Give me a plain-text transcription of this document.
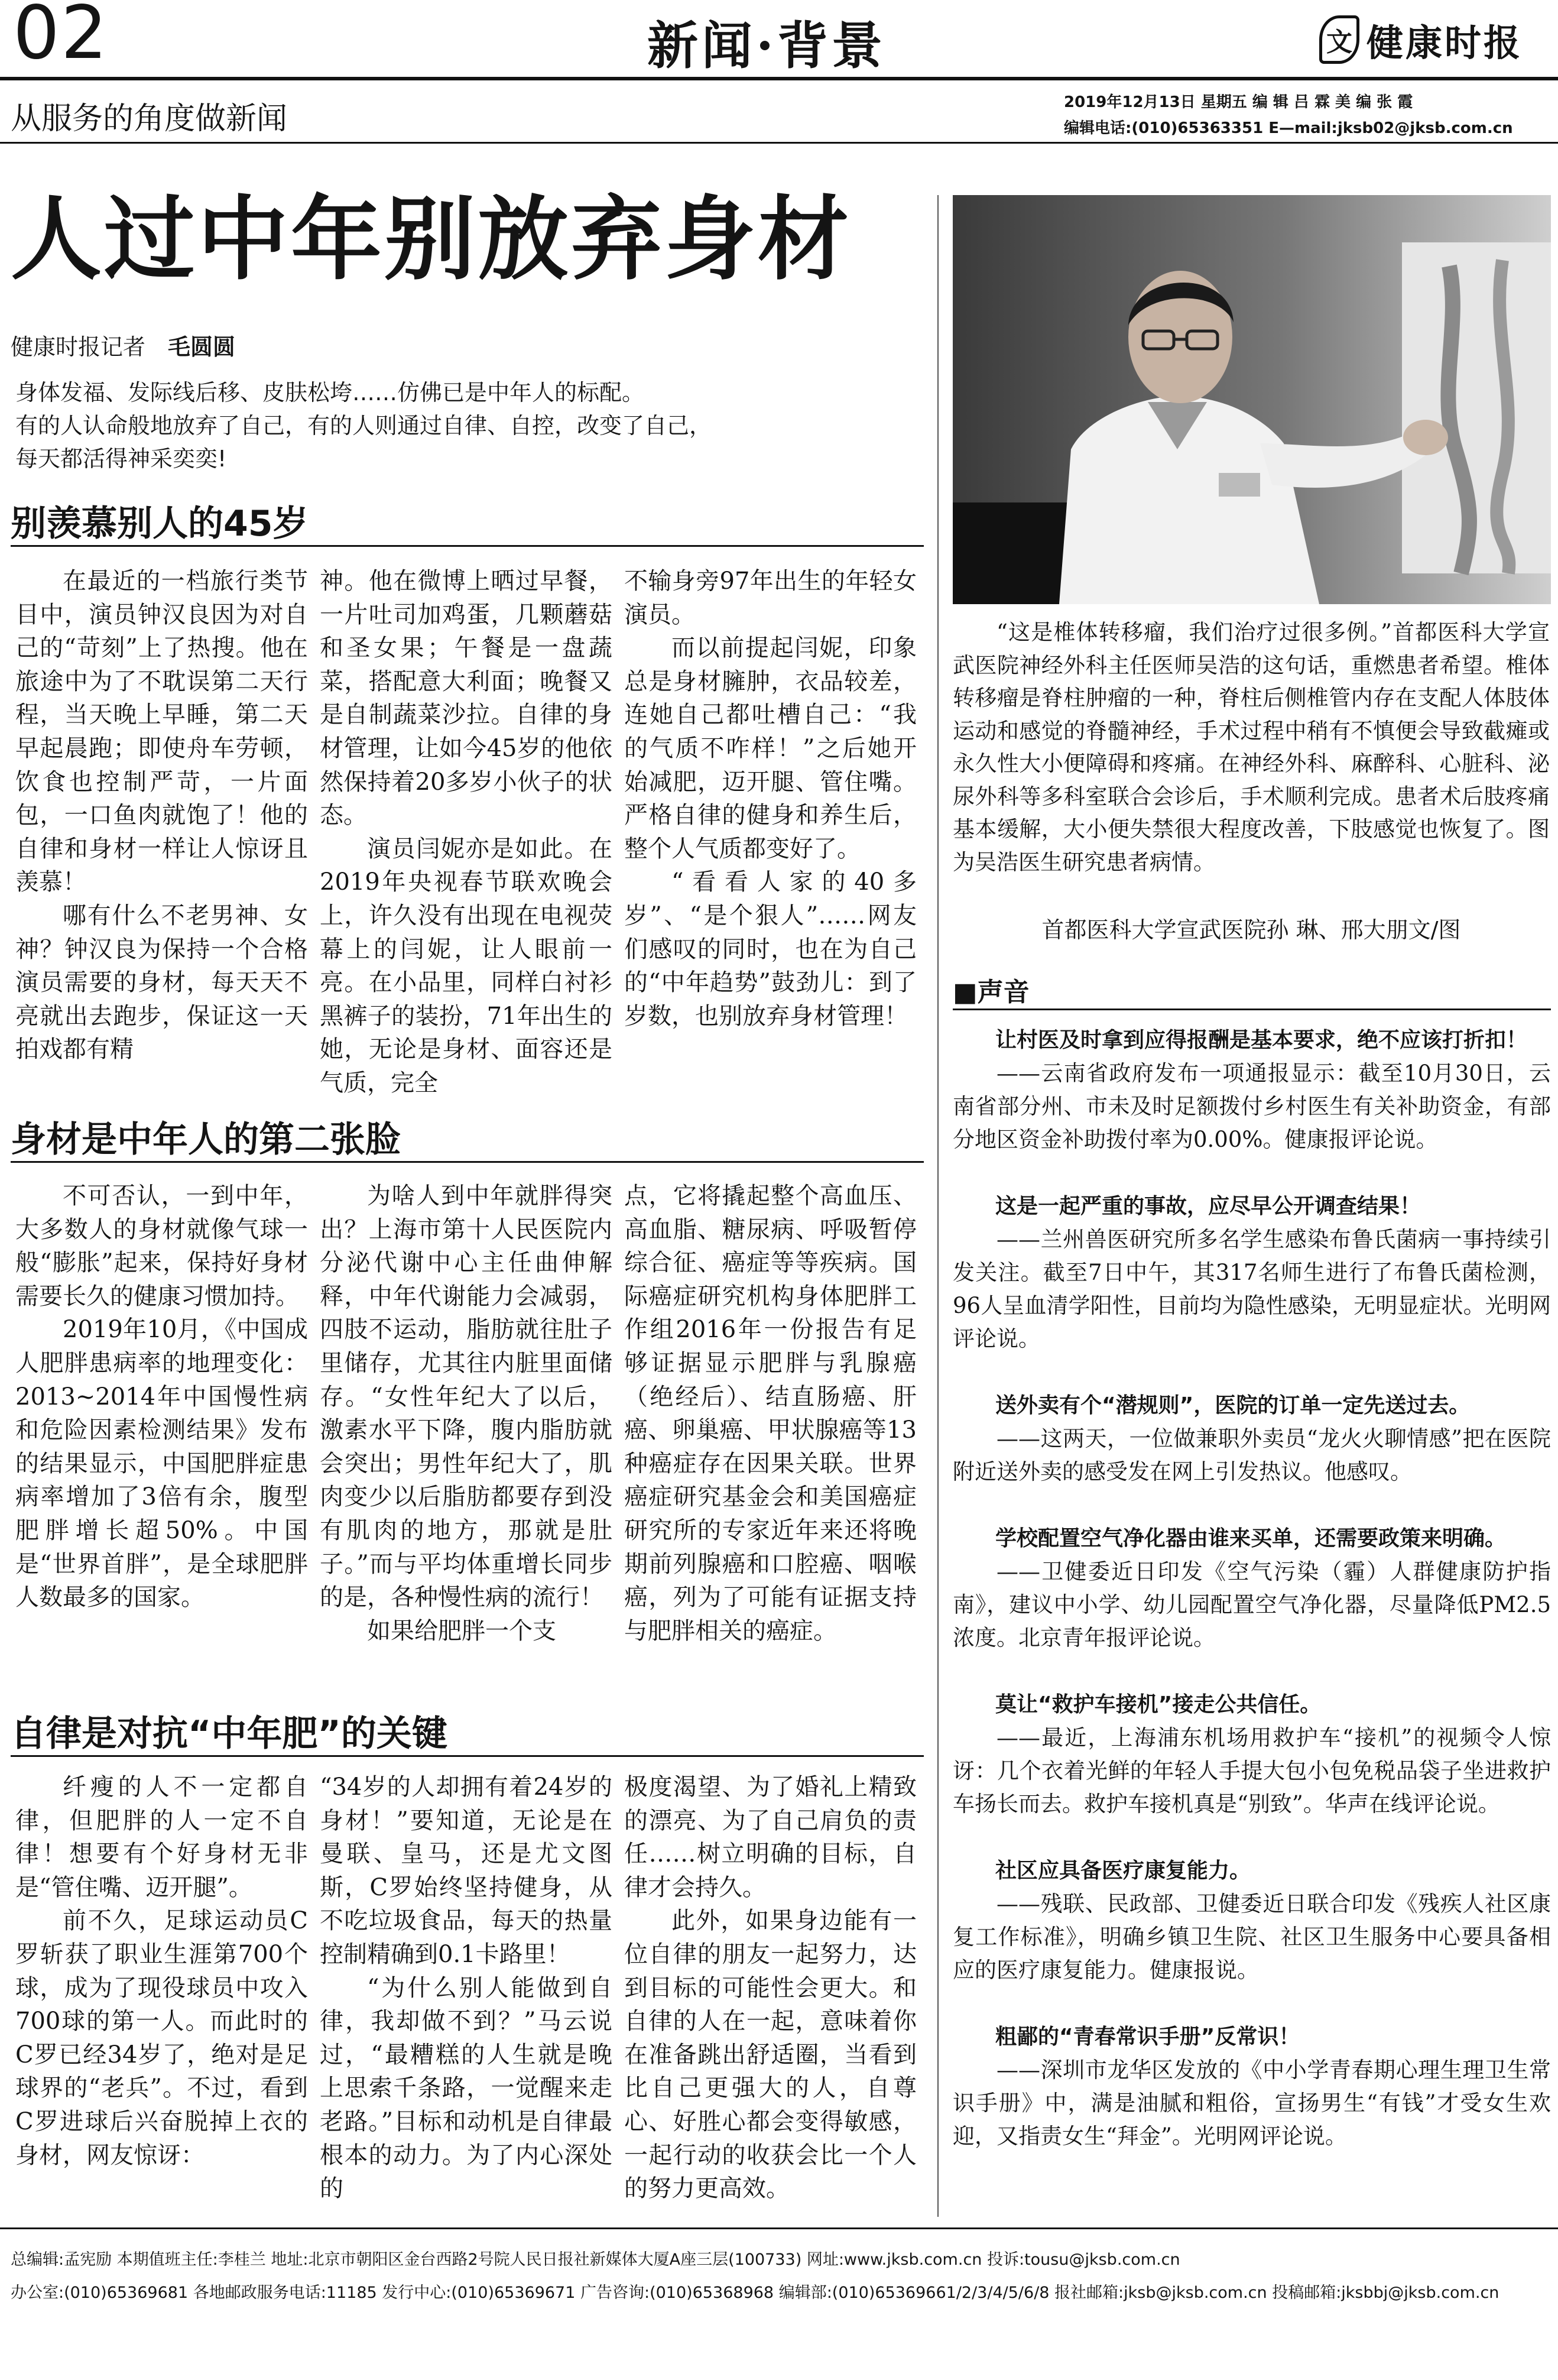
02	新闻·背景	文 健康时报
从服务的角度做新闻	2019年12月13日 星期五 编 辑 吕 霖 美 编 张 霞
编辑电话:(010)65363351 E—mail:jksb02@jksb.com.cn
人过中年别放弃身材
健康时报记者 毛圆圆

身体发福、发际线后移、皮肤松垮……仿佛已是中年人的标配。

有的人认命般地放弃了自己，有的人则通过自律、自控，改变了自己，

每天都活得神采奕奕!

别羡慕别人的45岁

在最近的一档旅行类节目中，演员钟汉良因为对自己的“苛刻”上了热搜。他在旅途中为了不耽误第二天行程，当天晚上早睡，第二天早起晨跑；即使舟车劳顿，饮食也控制严苛，一片面包，一口鱼肉就饱了！他的自律和身材一样让人惊讶且羡慕！

哪有什么不老男神、女神？钟汉良为保持一个合格演员需要的身材，每天天不亮就出去跑步，保证这一天拍戏都有精

神。他在微博上晒过早餐，一片吐司加鸡蛋，几颗蘑菇和圣女果；午餐是一盘蔬菜，搭配意大利面；晚餐又是自制蔬菜沙拉。自律的身材管理，让如今45岁的他依然保持着20多岁小伙子的状态。

演员闫妮亦是如此。在2019年央视春节联欢晚会上，许久没有出现在电视荧幕上的闫妮，让人眼前一亮。在小品里，同样白衬衫黑裤子的装扮，71年出生的她，无论是身材、面容还是气质，完全

不输身旁97年出生的年轻女演员。

而以前提起闫妮，印象总是身材臃肿，衣品较差，连她自己都吐槽自己：“我的气质不咋样！”之后她开始减肥，迈开腿、管住嘴。严格自律的健身和养生后，整个人气质都变好了。

“看看人家的40多岁”、“是个狠人”……网友们感叹的同时，也在为自己的“中年趋势”鼓劲儿：到了岁数，也别放弃身材管理！

身材是中年人的第二张脸

不可否认，一到中年，大多数人的身材就像气球一般“膨胀”起来，保持好身材需要长久的健康习惯加持。

2019年10月，《中国成人肥胖患病率的地理变化：2013~2014年中国慢性病和危险因素检测结果》发布的结果显示，中国肥胖症患病率增加了3倍有余，腹型肥胖增长超50%。中国是“世界首胖”，是全球肥胖人数最多的国家。

为啥人到中年就胖得突出？上海市第十人民医院内分泌代谢中心主任曲伸解释，中年代谢能力会减弱，四肢不运动，脂肪就往肚子里储存，尤其往内脏里面储存。“女性年纪大了以后，激素水平下降，腹内脂肪就会突出；男性年纪大了，肌肉变少以后脂肪都要存到没有肌肉的地方，那就是肚子。”而与平均体重增长同步的是，各种慢性病的流行！

如果给肥胖一个支

点，它将撬起整个高血压、高血脂、糖尿病、呼吸暂停综合征、癌症等等疾病。国际癌症研究机构身体肥胖工作组2016年一份报告有足够证据显示肥胖与乳腺癌（绝经后）、结直肠癌、肝癌、卵巢癌、甲状腺癌等13种癌症存在因果关联。世界癌症研究基金会和美国癌症研究所的专家近年来还将晚期前列腺癌和口腔癌、咽喉癌，列为了可能有证据支持与肥胖相关的癌症。

自律是对抗“中年肥”的关键

纤瘦的人不一定都自律，但肥胖的人一定不自律！想要有个好身材无非是“管住嘴、迈开腿”。

前不久，足球运动员C罗斩获了职业生涯第700个球，成为了现役球员中攻入700球的第一人。而此时的C罗已经34岁了，绝对是足球界的“老兵”。不过，看到C罗进球后兴奋脱掉上衣的身材，网友惊讶：

“34岁的人却拥有着24岁的身材！”要知道，无论是在曼联、皇马，还是尤文图斯，C罗始终坚持健身，从不吃垃圾食品，每天的热量控制精确到0.1卡路里！

“为什么别人能做到自律，我却做不到？”马云说过，“最糟糕的人生就是晚上思索千条路，一觉醒来走老路。”目标和动机是自律最根本的动力。为了内心深处的

极度渴望、为了婚礼上精致的漂亮、为了自己肩负的责任……树立明确的目标，自律才会持久。

此外，如果身边能有一位自律的朋友一起努力，达到目标的可能性会更大。和自律的人在一起，意味着你在准备跳出舒适圈，当看到比自己更强大的人，自尊心、好胜心都会变得敏感，一起行动的收获会比一个人的努力更高效。

“这是椎体转移瘤，我们治疗过很多例。”首都医科大学宣武医院神经外科主任医师吴浩的这句话，重燃患者希望。椎体转移瘤是脊柱肿瘤的一种，脊柱后侧椎管内存在支配人体肢体运动和感觉的脊髓神经，手术过程中稍有不慎便会导致截瘫或永久性大小便障碍和疼痛。在神经外科、麻醉科、心脏科、泌尿外科等多科室联合会诊后，手术顺利完成。患者术后肢疼痛基本缓解，大小便失禁很大程度改善，下肢感觉也恢复了。图为吴浩医生研究患者病情。

首都医科大学宣武医院孙 琳、邢大朋文/图
■声音

让村医及时拿到应得报酬是基本要求，绝不应该打折扣！

——云南省政府发布一项通报显示：截至10月30日，云南省部分州、市未及时足额拨付乡村医生有关补助资金，有部分地区资金补助拨付率为0.00%。健康报评论说。

这是一起严重的事故，应尽早公开调查结果！

——兰州兽医研究所多名学生感染布鲁氏菌病一事持续引发关注。截至7日中午，其317名师生进行了布鲁氏菌检测，96人呈血清学阳性，目前均为隐性感染，无明显症状。光明网评论说。

送外卖有个“潜规则”，医院的订单一定先送过去。

——这两天，一位做兼职外卖员“龙火火聊情感”把在医院附近送外卖的感受发在网上引发热议。他感叹。

学校配置空气净化器由谁来买单，还需要政策来明确。

——卫健委近日印发《空气污染（霾）人群健康防护指南》，建议中小学、幼儿园配置空气净化器，尽量降低PM2.5浓度。北京青年报评论说。

莫让“救护车接机”接走公共信任。

——最近，上海浦东机场用救护车“接机”的视频令人惊讶：几个衣着光鲜的年轻人手提大包小包免税品袋子坐进救护车扬长而去。救护车接机真是“别致”。华声在线评论说。

社区应具备医疗康复能力。

——残联、民政部、卫健委近日联合印发《残疾人社区康复工作标准》，明确乡镇卫生院、社区卫生服务中心要具备相应的医疗康复能力。健康报说。

粗鄙的“青春常识手册”反常识！

——深圳市龙华区发放的《中小学青春期心理生理卫生常识手册》中，满是油腻和粗俗，宣扬男生“有钱”才受女生欢迎，又指责女生“拜金”。光明网评论说。

总编辑:孟宪励 本期值班主任:李桂兰 地址:北京市朝阳区金台西路2号院人民日报社新媒体大厦A座三层(100733) 网址:www.jksb.com.cn 投诉:tousu@jksb.com.cn
办公室:(010)65369681 各地邮政服务电话:11185 发行中心:(010)65369671 广告咨询:(010)65368968 编辑部:(010)65369661/2/3/4/5/6/8 报社邮箱:jksb@jksb.com.cn 投稿邮箱:jksbbj@jksb.com.cn
